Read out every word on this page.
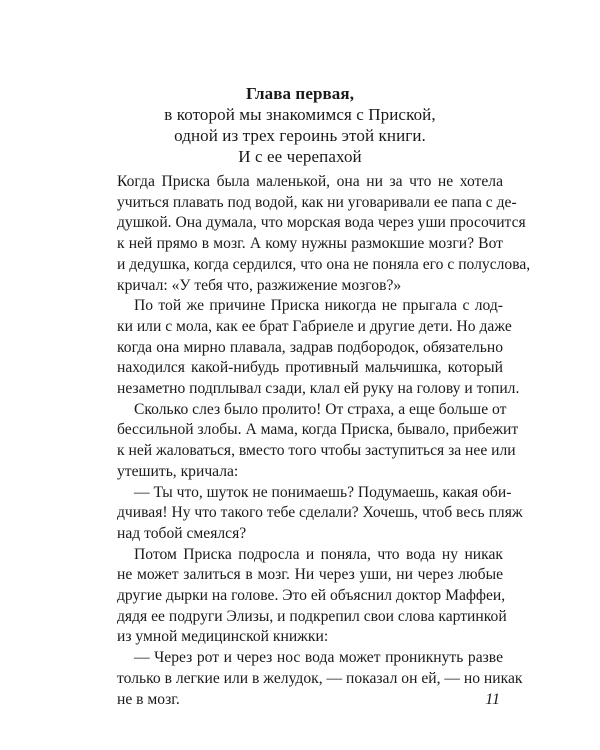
Глава первая,
в которой мы знакомимся с Приской,
одной из трех героинь этой книги.
И с ее черепахой

Когда Приска была маленькой, она ни за что не хотела
учиться плавать под водой, как ни уговаривали ее папа с де-
душкой. Она думала, что морская вода через уши просочится
к ней прямо в мозг. А кому нужны размокшие мозги? Вот
и дедушка, когда сердился, что она не поняла его с полуслова,
кричал: «У тебя что, разжижение мозгов?»

По той же причине Приска никогда не прыгала с лод-
ки или с мола, как ее брат Габриеле и другие дети. Но даже
когда она мирно плавала, задрав подбородок, обязательно
находился какой-нибудь противный мальчишка, который
незаметно подплывал сзади, клал ей руку на голову и топил.

Сколько слез было пролито! От страха, а еще больше от
бессильной злобы. А мама, когда Приска, бывало, прибежит
к ней жаловаться, вместо того чтобы заступиться за нее или
утешить, кричала:

— Ты что, шуток не понимаешь? Подумаешь, какая оби-
дчивая! Ну что такого тебе сделали? Хочешь, чтоб весь пляж
над тобой смеялся?

Потом Приска подросла и поняла, что вода ну никак
не может залиться в мозг. Ни через уши, ни через любые
другие дырки на голове. Это ей объяснил доктор Маффеи,
дядя ее подруги Элизы, и подкрепил свои слова картинкой
из умной медицинской книжки:

— Через рот и через нос вода может проникнуть разве
только в легкие или в желудок, — показал он ей, — но никак
не в мозг.	11
